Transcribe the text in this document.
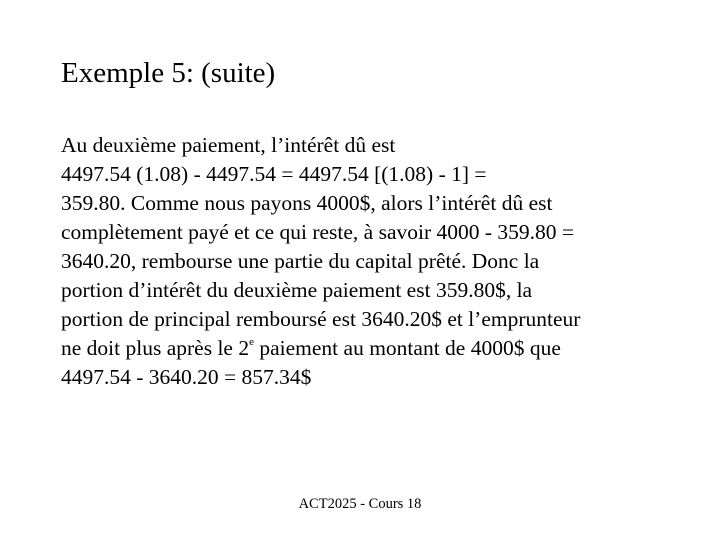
Exemple 5: (suite)
Au deuxième paiement, l’intérêt dû est
4497.54 (1.08) - 4497.54 = 4497.54 [(1.08) - 1] =
359.80. Comme nous payons 4000$, alors l’intérêt dû est
complètement payé et ce qui reste, à savoir 4000 - 359.80 =
3640.20, rembourse une partie du capital prêté. Donc la
portion d’intérêt du deuxième paiement est 359.80$, la
portion de principal remboursé est 3640.20$ et l’emprunteur
ne doit plus après le 2e paiement au montant de 4000$ que
4497.54 - 3640.20 = 857.34$
ACT2025 - Cours 18
